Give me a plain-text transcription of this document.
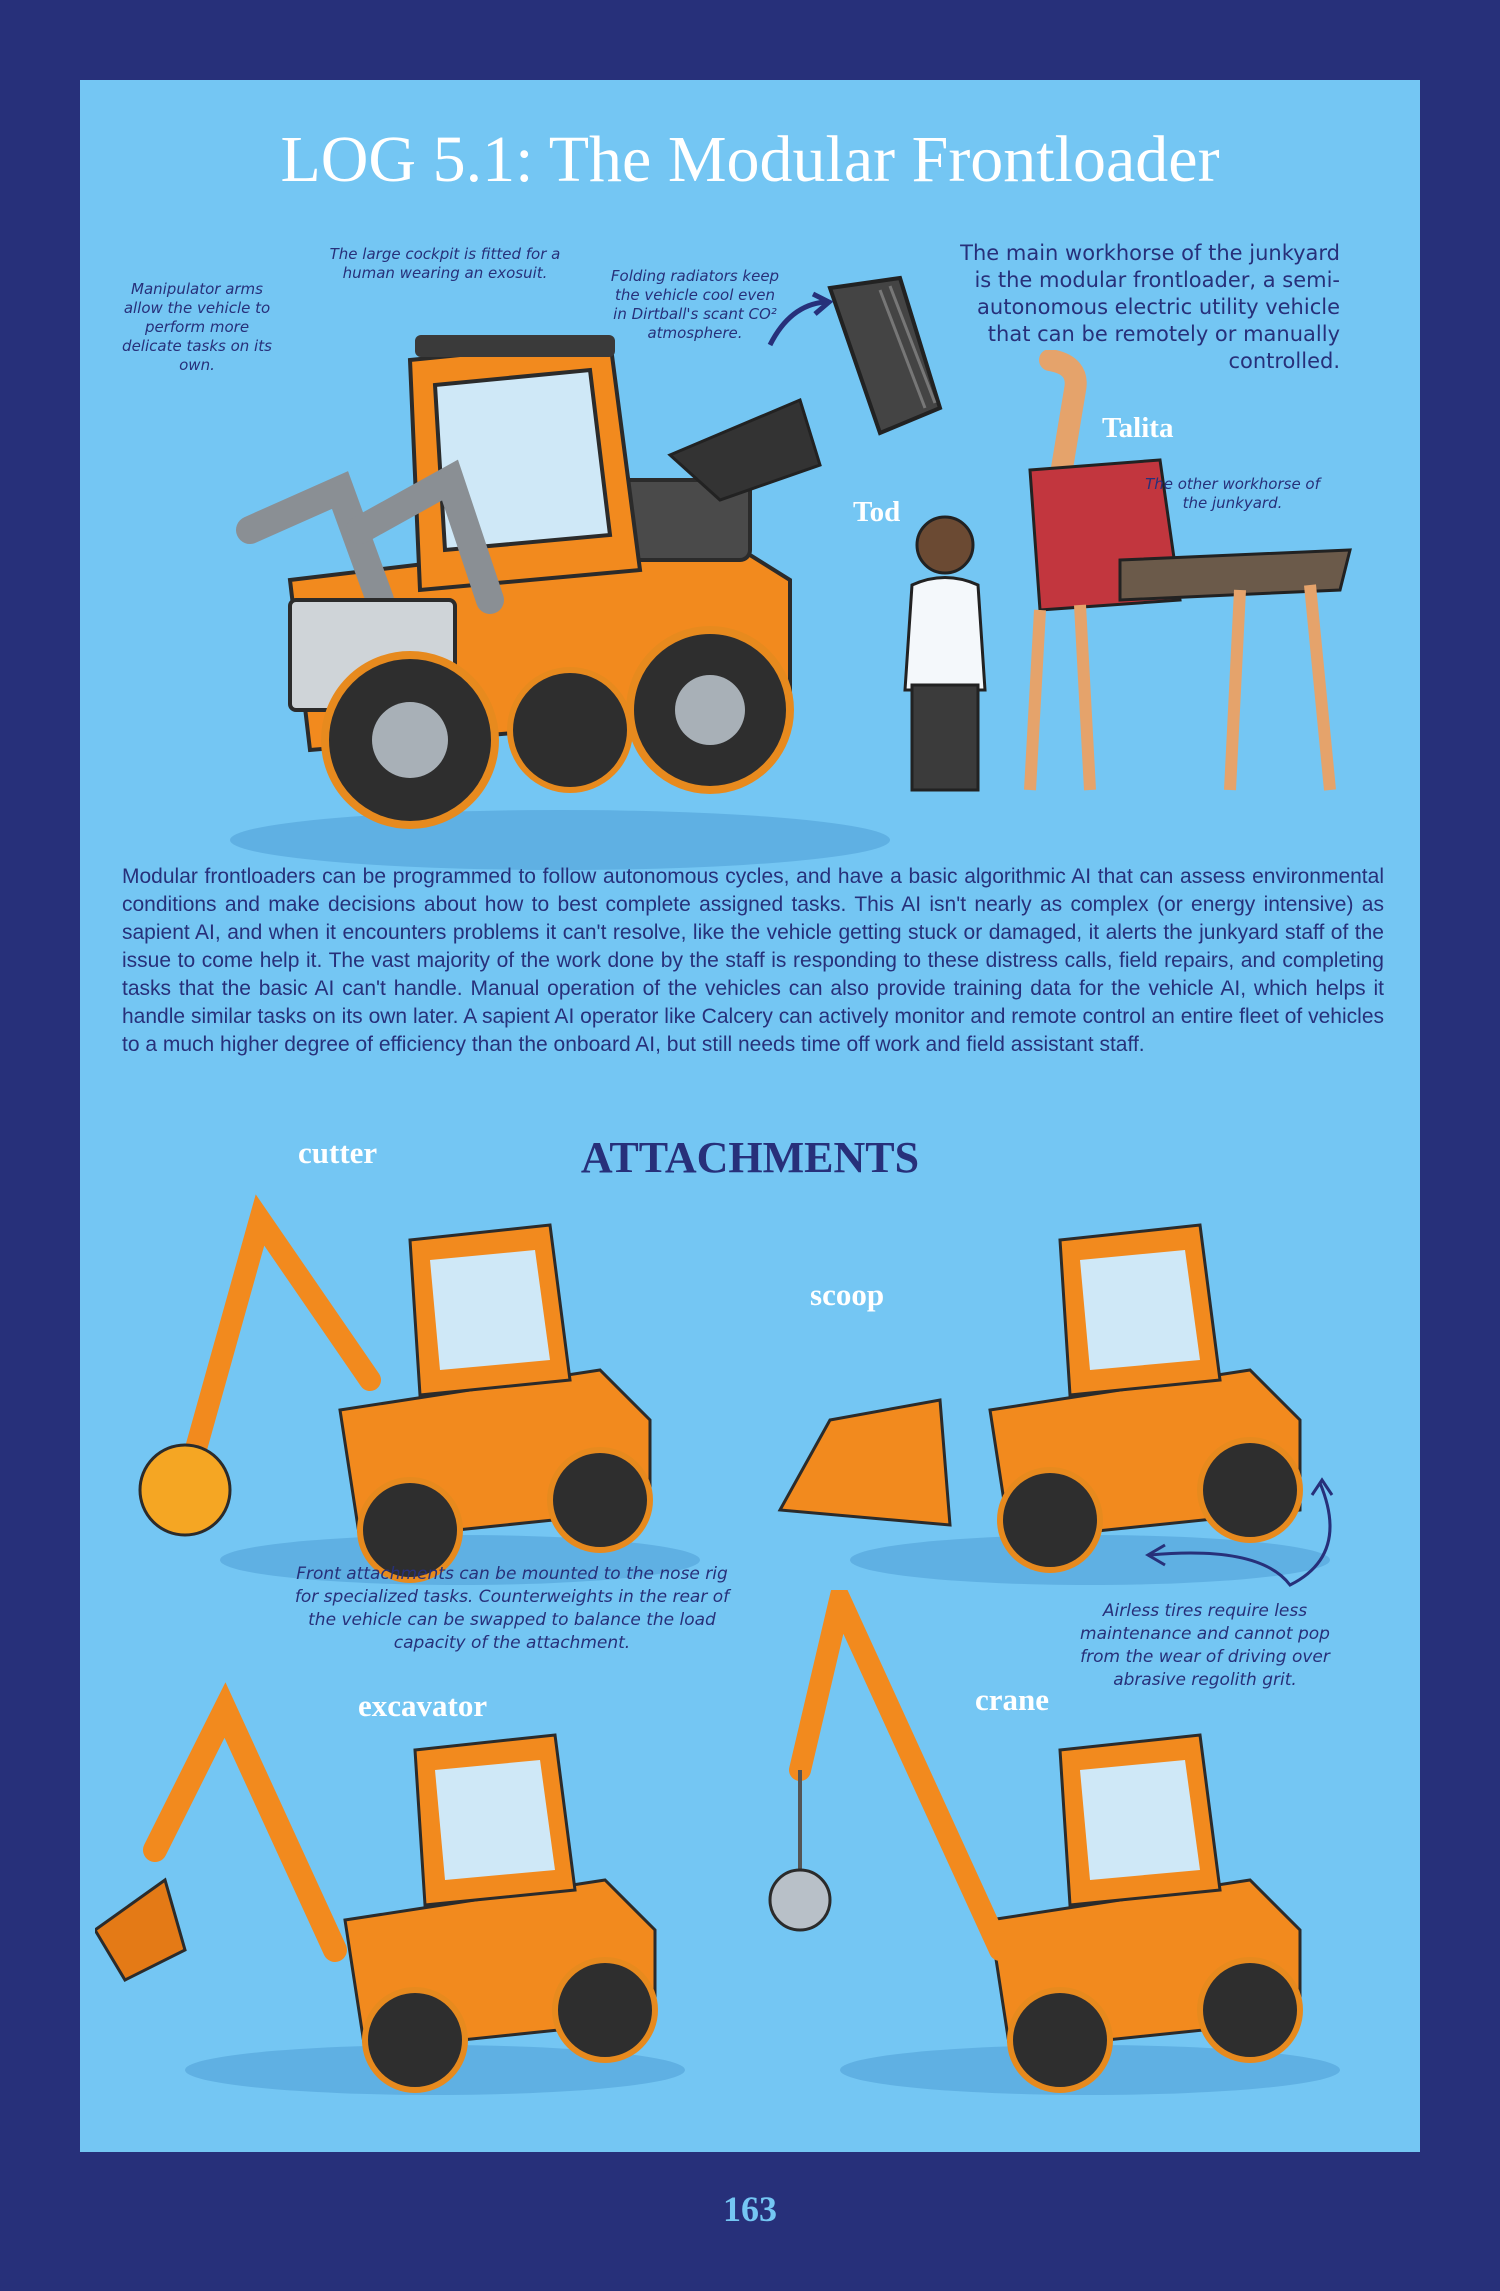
LOG 5.1: The Modular Frontloader
Manipulator arms allow the vehicle to perform more delicate tasks on its own.
The large cockpit is fitted for a human wearing an exosuit.	Folding radiators keep the vehicle cool even in Dirtball's scant CO² atmosphere.
The main workhorse of the junkyard is the modular frontloader, a semi-autonomous electric utility vehicle that can be remotely or manually controlled.
The other workhorse of the junkyard.
Tod
Talita
Modular frontloaders can be programmed to follow autonomous cycles, and have a basic algorithmic AI that can assess environmental conditions and make decisions about how to best complete assigned tasks. This AI isn't nearly as complex (or energy intensive) as sapient AI, and when it encounters problems it can't resolve, like the vehicle getting stuck or damaged, it alerts the junkyard staff of the issue to come help it. The vast majority of the work done by the staff is responding to these distress calls, field repairs, and completing tasks that the basic AI can't handle. Manual operation of the vehicles can also provide training data for the vehicle AI, which helps it handle similar tasks on its own later. A sapient AI operator like Calcery can actively monitor and remote control an entire fleet of vehicles to a much higher degree of efficiency than the onboard AI, but still needs time off work and field assistant staff.
ATTACHMENTS
cutter
scoop
excavator	crane
Front attachments can be mounted to the nose rig for specialized tasks. Counterweights in the rear of the vehicle can be swapped to balance the load capacity of the attachment.
Airless tires require less maintenance and cannot pop from the wear of driving over abrasive regolith grit.
163
